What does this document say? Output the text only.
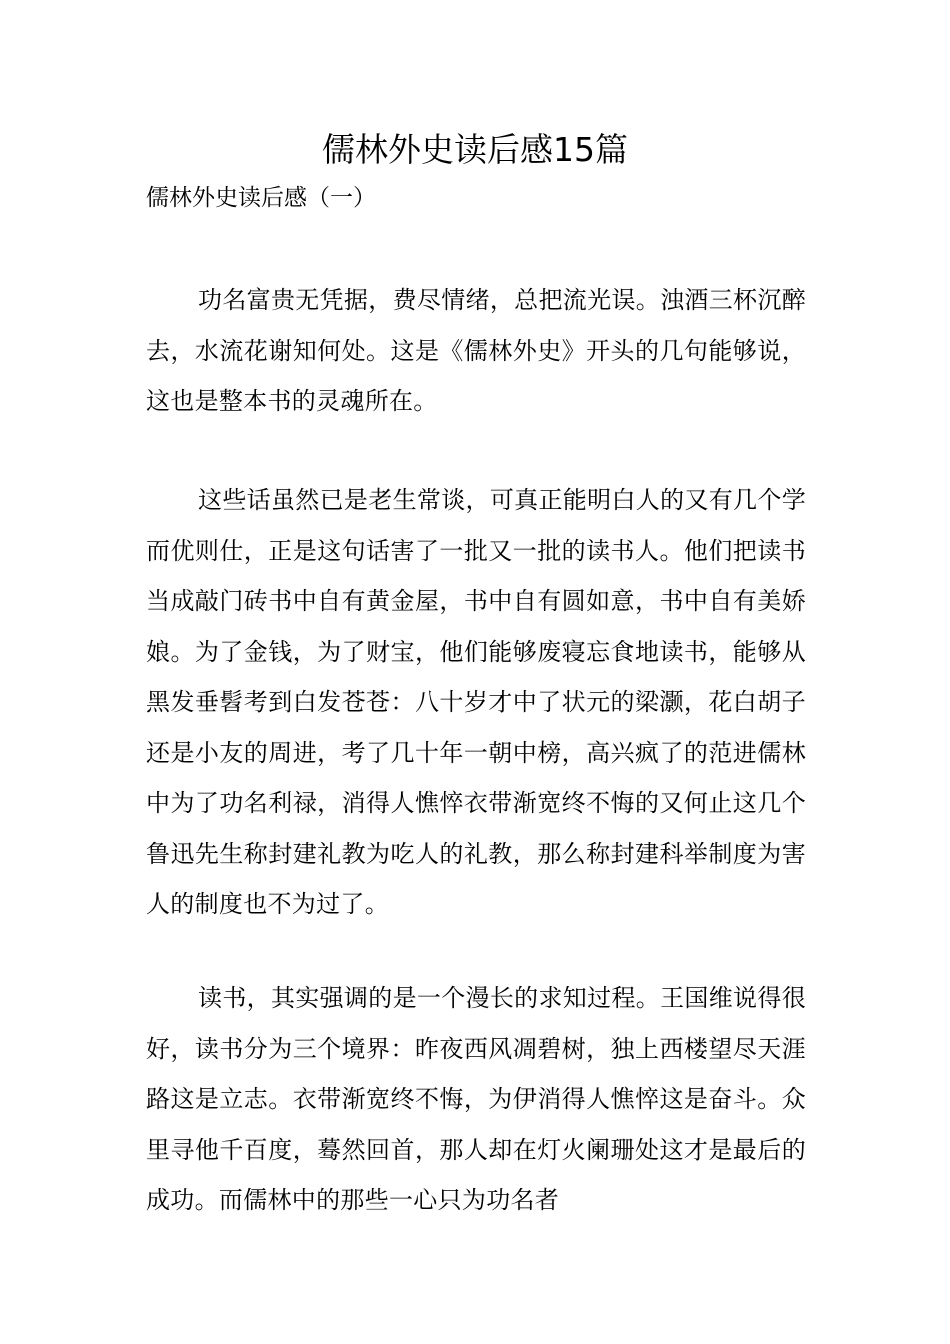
儒林外史读后感15篇
儒林外史读后感（一）

功名富贵无凭据，费尽情绪，总把流光误。浊酒三杯沉醉去，水流花谢知何处。这是《儒林外史》开头的几句能够说，这也是整本书的灵魂所在。

这些话虽然已是老生常谈，可真正能明白人的又有几个学而优则仕，正是这句话害了一批又一批的读书人。他们把读书当成敲门砖书中自有黄金屋，书中自有圆如意，书中自有美娇娘。为了金钱，为了财宝，他们能够废寝忘食地读书，能够从黑发垂髫考到白发苍苍：八十岁才中了状元的梁灏，花白胡子还是小友的周进，考了几十年一朝中榜，高兴疯了的范进儒林中为了功名利禄，消得人憔悴衣带渐宽终不悔的又何止这几个鲁迅先生称封建礼教为吃人的礼教，那么称封建科举制度为害人的制度也不为过了。

读书，其实强调的是一个漫长的求知过程。王国维说得很好，读书分为三个境界：昨夜西风凋碧树，独上西楼望尽天涯路这是立志。衣带渐宽终不悔，为伊消得人憔悴这是奋斗。众里寻他千百度，蓦然回首，那人却在灯火阑珊处这才是最后的成功。而儒林中的那些一心只为功名者
